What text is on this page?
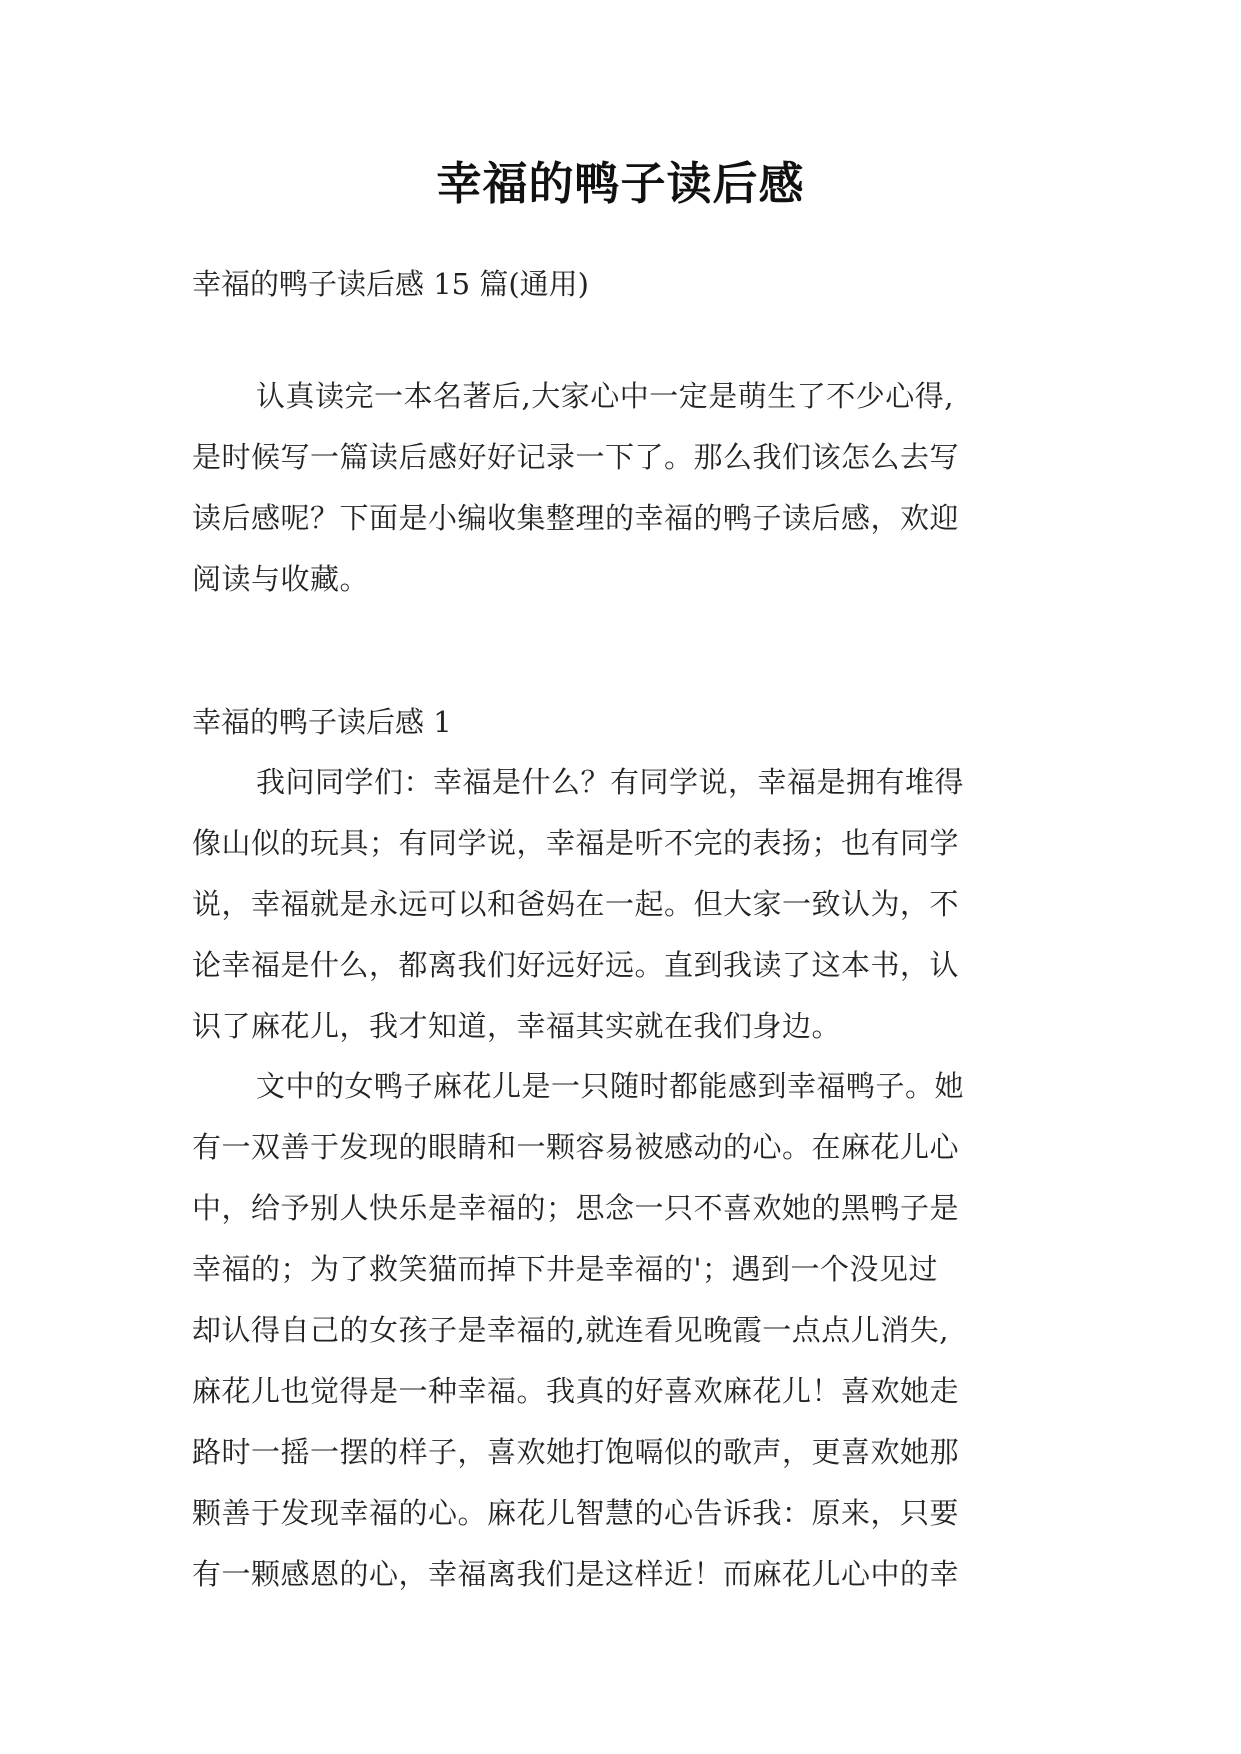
幸福的鸭子读后感

幸福的鸭子读后感 15 篇(通用)

认真读完一本名著后,大家心中一定是萌生了不少心得,
是时候写一篇读后感好好记录一下了。那么我们该怎么去写
读后感呢？下面是小编收集整理的幸福的鸭子读后感，欢迎
阅读与收藏。

幸福的鸭子读后感 1

我问同学们：幸福是什么？有同学说，幸福是拥有堆得
像山似的玩具；有同学说，幸福是听不完的表扬；也有同学
说，幸福就是永远可以和爸妈在一起。但大家一致认为，不
论幸福是什么，都离我们好远好远。直到我读了这本书，认
识了麻花儿，我才知道，幸福其实就在我们身边。
文中的女鸭子麻花儿是一只随时都能感到幸福鸭子。她
有一双善于发现的眼睛和一颗容易被感动的心。在麻花儿心
中，给予别人快乐是幸福的；思念一只不喜欢她的黑鸭子是
幸福的；为了救笑猫而掉下井是幸福的'；遇到一个没见过
却认得自己的女孩子是幸福的,就连看见晚霞一点点儿消失,
麻花儿也觉得是一种幸福。我真的好喜欢麻花儿！喜欢她走
路时一摇一摆的样子，喜欢她打饱嗝似的歌声，更喜欢她那
颗善于发现幸福的心。麻花儿智慧的心告诉我：原来，只要
有一颗感恩的心，幸福离我们是这样近！而麻花儿心中的幸
